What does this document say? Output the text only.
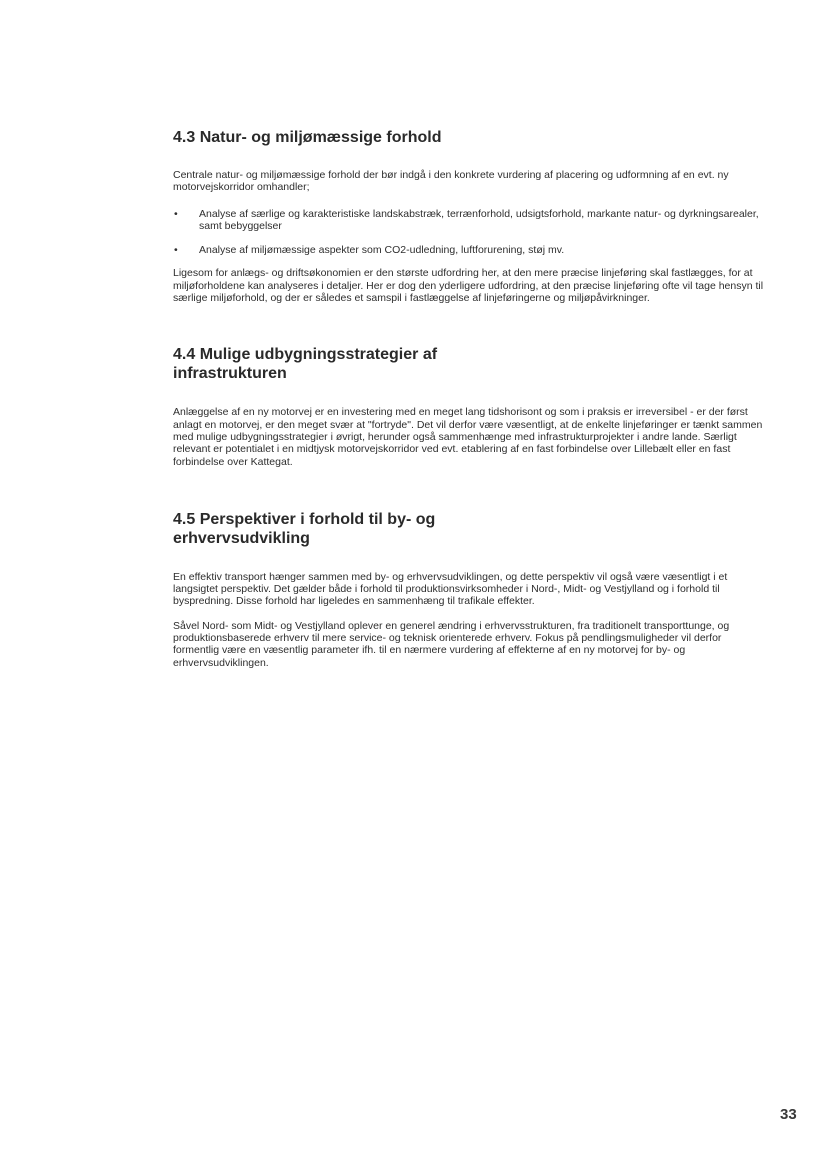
4.3 Natur- og miljømæssige forhold

Centrale natur- og miljømæssige forhold der bør indgå i den konkrete vurdering af placering og udformning af en evt. ny motorvejskorridor omhandler;

• Analyse af særlige og karakteristiske landskabstræk, terrænforhold, udsigtsforhold, markante natur- og dyrkningsarealer, samt bebyggelser
• Analyse af miljømæssige aspekter som CO2-udledning, luftforurening, støj mv.

Ligesom for anlægs- og driftsøkonomien er den største udfordring her, at den mere præcise linjeføring skal fastlægges, for at miljøforholdene kan analyseres i detaljer. Her er dog den yderligere udfordring, at den præcise linjeføring ofte vil tage hensyn til særlige miljøforhold, og der er således et samspil i fastlæggelse af linjeføringerne og miljøpåvirkninger.

4.4 Mulige udbygningsstrategier af
infrastrukturen

Anlæggelse af en ny motorvej er en investering med en meget lang tidshorisont og som i praksis er irreversibel - er der først anlagt en motorvej, er den meget svær at "fortryde". Det vil derfor være væsentligt, at de enkelte linjeføringer er tænkt sammen med mulige udbygningsstrategier i øvrigt, herunder også sammenhænge med infrastrukturprojekter i andre lande. Særligt relevant er potentialet i en midtjysk motorvejskorridor ved evt. etablering af en fast forbindelse over Lillebælt eller en fast forbindelse over Kattegat.

4.5 Perspektiver i forhold til by- og
erhvervsudvikling

En effektiv transport hænger sammen med by- og erhvervsudviklingen, og dette perspektiv vil også være væsentligt i et langsigtet perspektiv. Det gælder både i forhold til produktionsvirksomheder i Nord-, Midt- og Vestjylland og i forhold til byspredning. Disse forhold har ligeledes en sammenhæng til trafikale effekter.

Såvel Nord- som Midt- og Vestjylland oplever en generel ændring i erhvervsstrukturen, fra traditionelt transporttunge, og produktionsbaserede erhverv til mere service- og teknisk orienterede erhverv. Fokus på pendlingsmuligheder vil derfor formentlig være en væsentlig parameter ifh. til en nærmere vurdering af effekterne af en ny motorvej for by- og erhvervsudviklingen.

33
